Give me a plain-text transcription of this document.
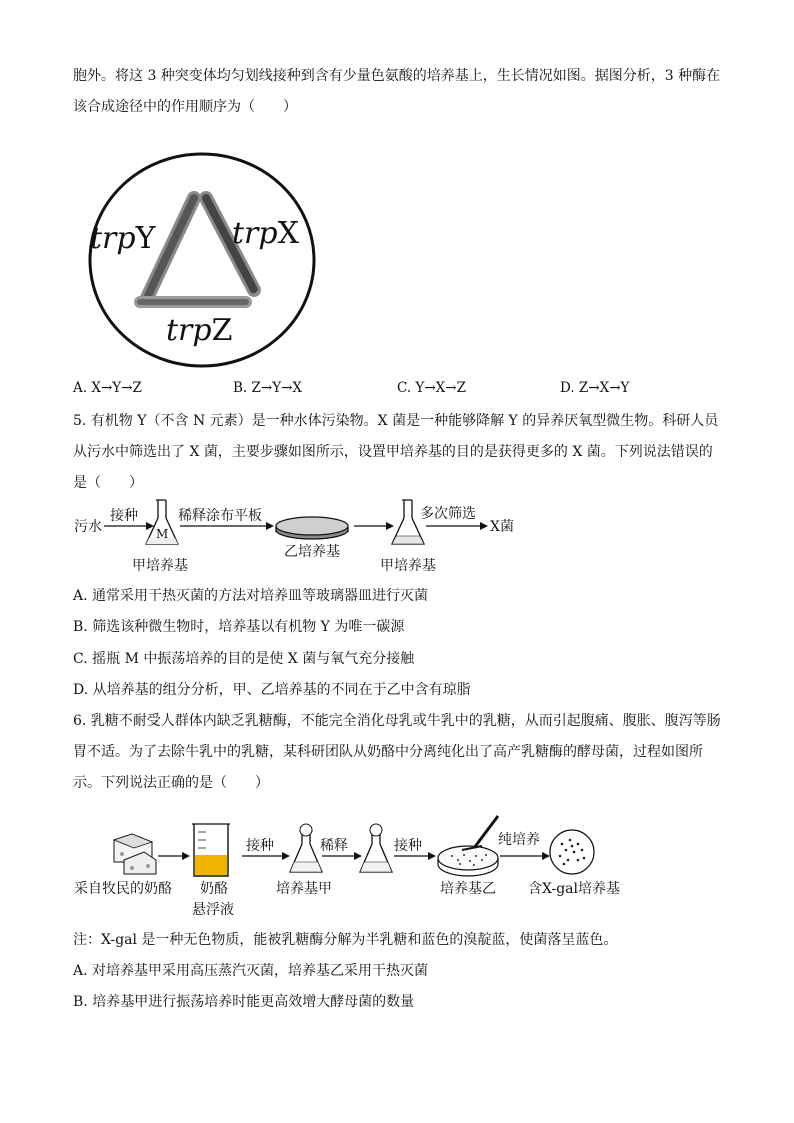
胞外。将这 3 种突变体均匀划线接种到含有少量色氨酸的培养基上，生长情况如图。据图分析，3 种酶在
该合成途径中的作用顺序为（　　）
trpY	trpX
trpZ
A. X→Y→Z	B. Z→Y→X	C. Y→X→Z	D. Z→X→Y
5. 有机物 Y（不含 N 元素）是一种水体污染物。X 菌是一种能够降解 Y 的异养厌氧型微生物。科研人员
从污水中筛选出了 X 菌，主要步骤如图所示，设置甲培养基的目的是获得更多的 X 菌。下列说法错误的
是（　　）
污水
接种
M
甲培养基
稀释涂布平板
乙培养基
甲培养基
多次筛选
X菌
A. 通常采用干热灭菌的方法对培养皿等玻璃器皿进行灭菌
B. 筛选该种微生物时，培养基以有机物 Y 为唯一碳源
C. 摇瓶 M 中振荡培养的目的是使 X 菌与氧气充分接触
D. 从培养基的组分分析，甲、乙培养基的不同在于乙中含有琼脂
6. 乳糖不耐受人群体内缺乏乳糖酶，不能完全消化母乳或牛乳中的乳糖，从而引起腹痛、腹胀、腹泻等肠
胃不适。为了去除牛乳中的乳糖，某科研团队从奶酪中分离纯化出了高产乳糖酶的酵母菌，过程如图所
示。下列说法正确的是（　　）
采自牧民的奶酪 奶酪
悬浮液
接种
培养基甲
稀释	接种
培养基乙
纯培养
含X-gal培养基
注：X-gal 是一种无色物质，能被乳糖酶分解为半乳糖和蓝色的溴靛蓝，使菌落呈蓝色。
A. 对培养基甲采用高压蒸汽灭菌，培养基乙采用干热灭菌
B. 培养基甲进行振荡培养时能更高效增大酵母菌的数量
